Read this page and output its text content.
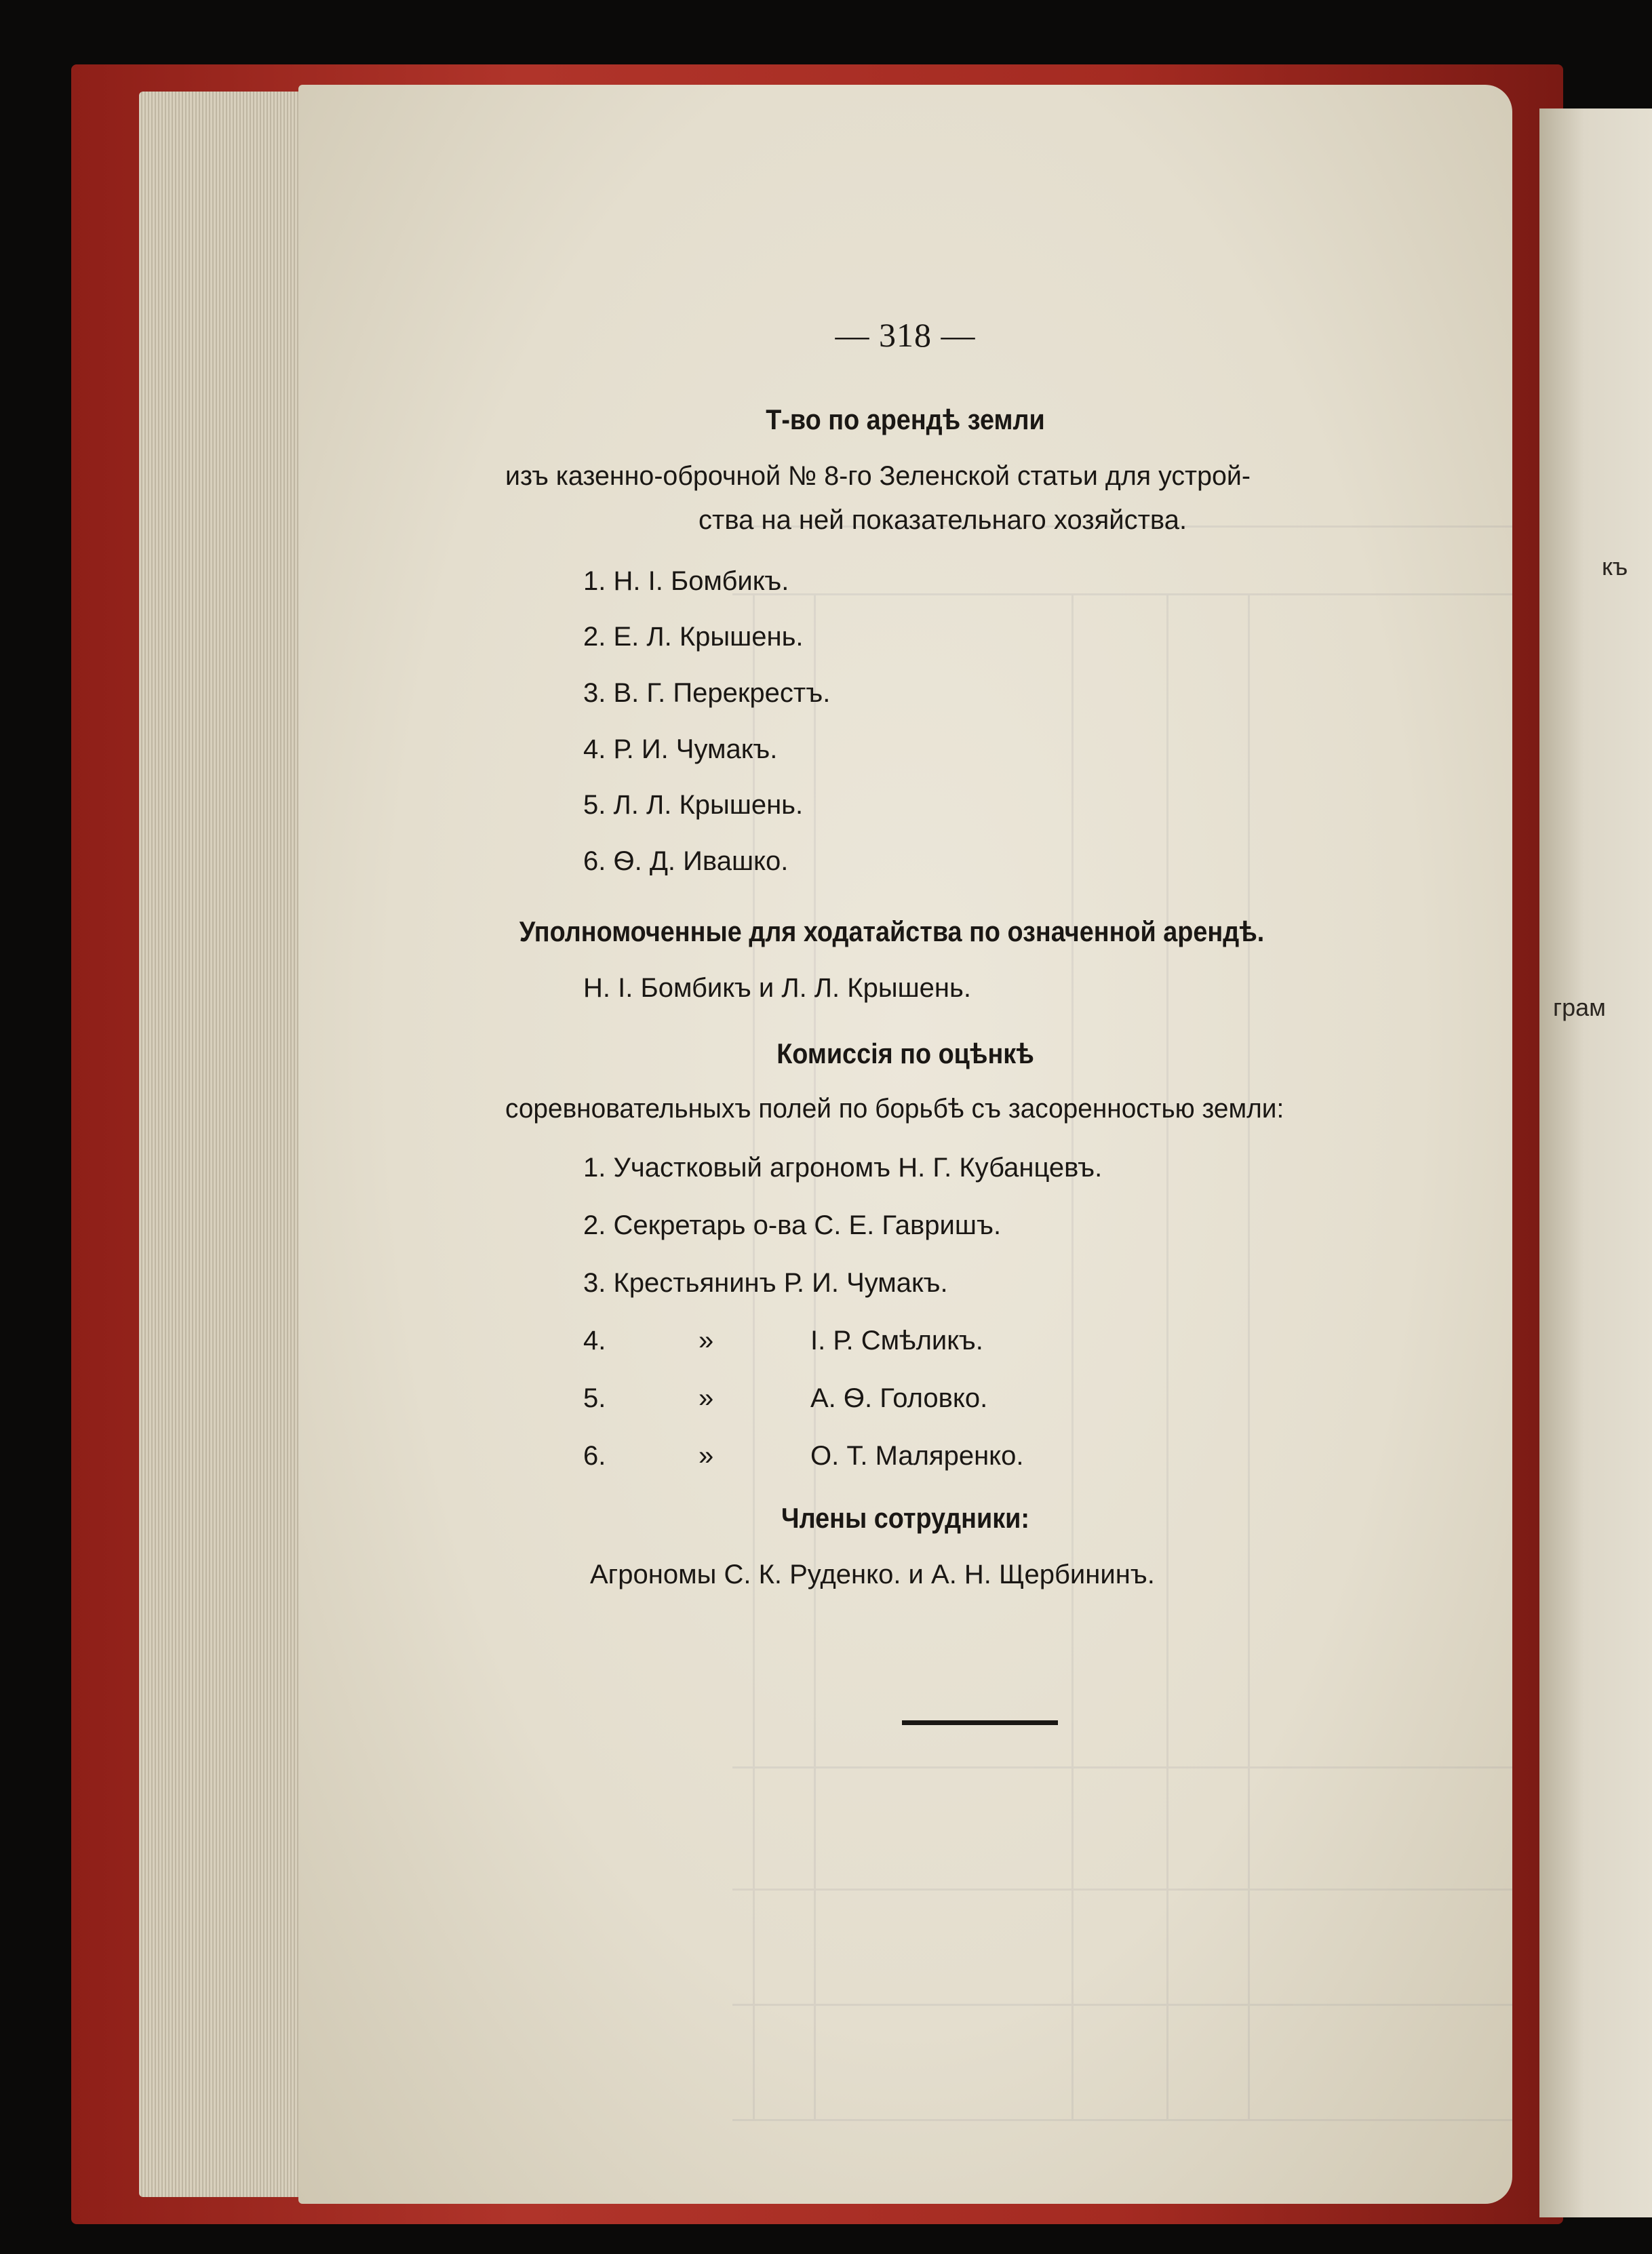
къ
грам
— 318 —
Т-во по арендѣ земли
изъ казенно-оброчной № 8-го Зеленской статьи для устрой-
ства на ней показательнаго хозяйства.
1. Н. І. Бомбикъ.
2. Е. Л. Крышень.
3. В. Г. Перекрестъ.
4. Р. И. Чумакъ.
5. Л. Л. Крышень.
6. Ѳ. Д. Ивашко.
Уполномоченные для ходатайства по означенной арендѣ.
Н. І. Бомбикъ и Л. Л. Крышень.
Комиссія по оцѣнкѣ
соревновательныхъ полей по борьбѣ съ засоренностью земли:
1. Участковый агрономъ Н. Г. Кубанцевъ.
2. Секретарь о-ва С. Е. Гавришъ.
3. Крестьянинъ Р. И. Чумакъ.
4.	»	І. Р. Смѣликъ.
5.	»	А. Ѳ. Головко.
6.	»	О. Т. Маляренко.
Члены сотрудники:
Агрономы С. К. Руденко. и А. Н. Щербининъ.
